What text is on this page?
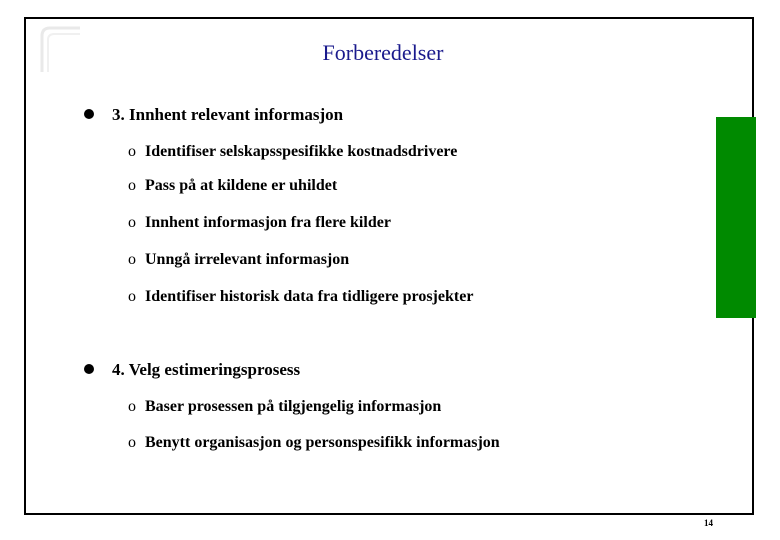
Forberedelser
3. Innhent relevant informasjon
o Identifiser selskapsspesifikke kostnadsdrivere
o Pass på at kildene er uhildet
o Innhent informasjon fra flere kilder
o Unngå irrelevant informasjon
o Identifiser historisk data fra tidligere prosjekter
4. Velg estimeringsprosess
o Baser prosessen på tilgjengelig informasjon
o Benytt organisasjon og personspesifikk informasjon
14
